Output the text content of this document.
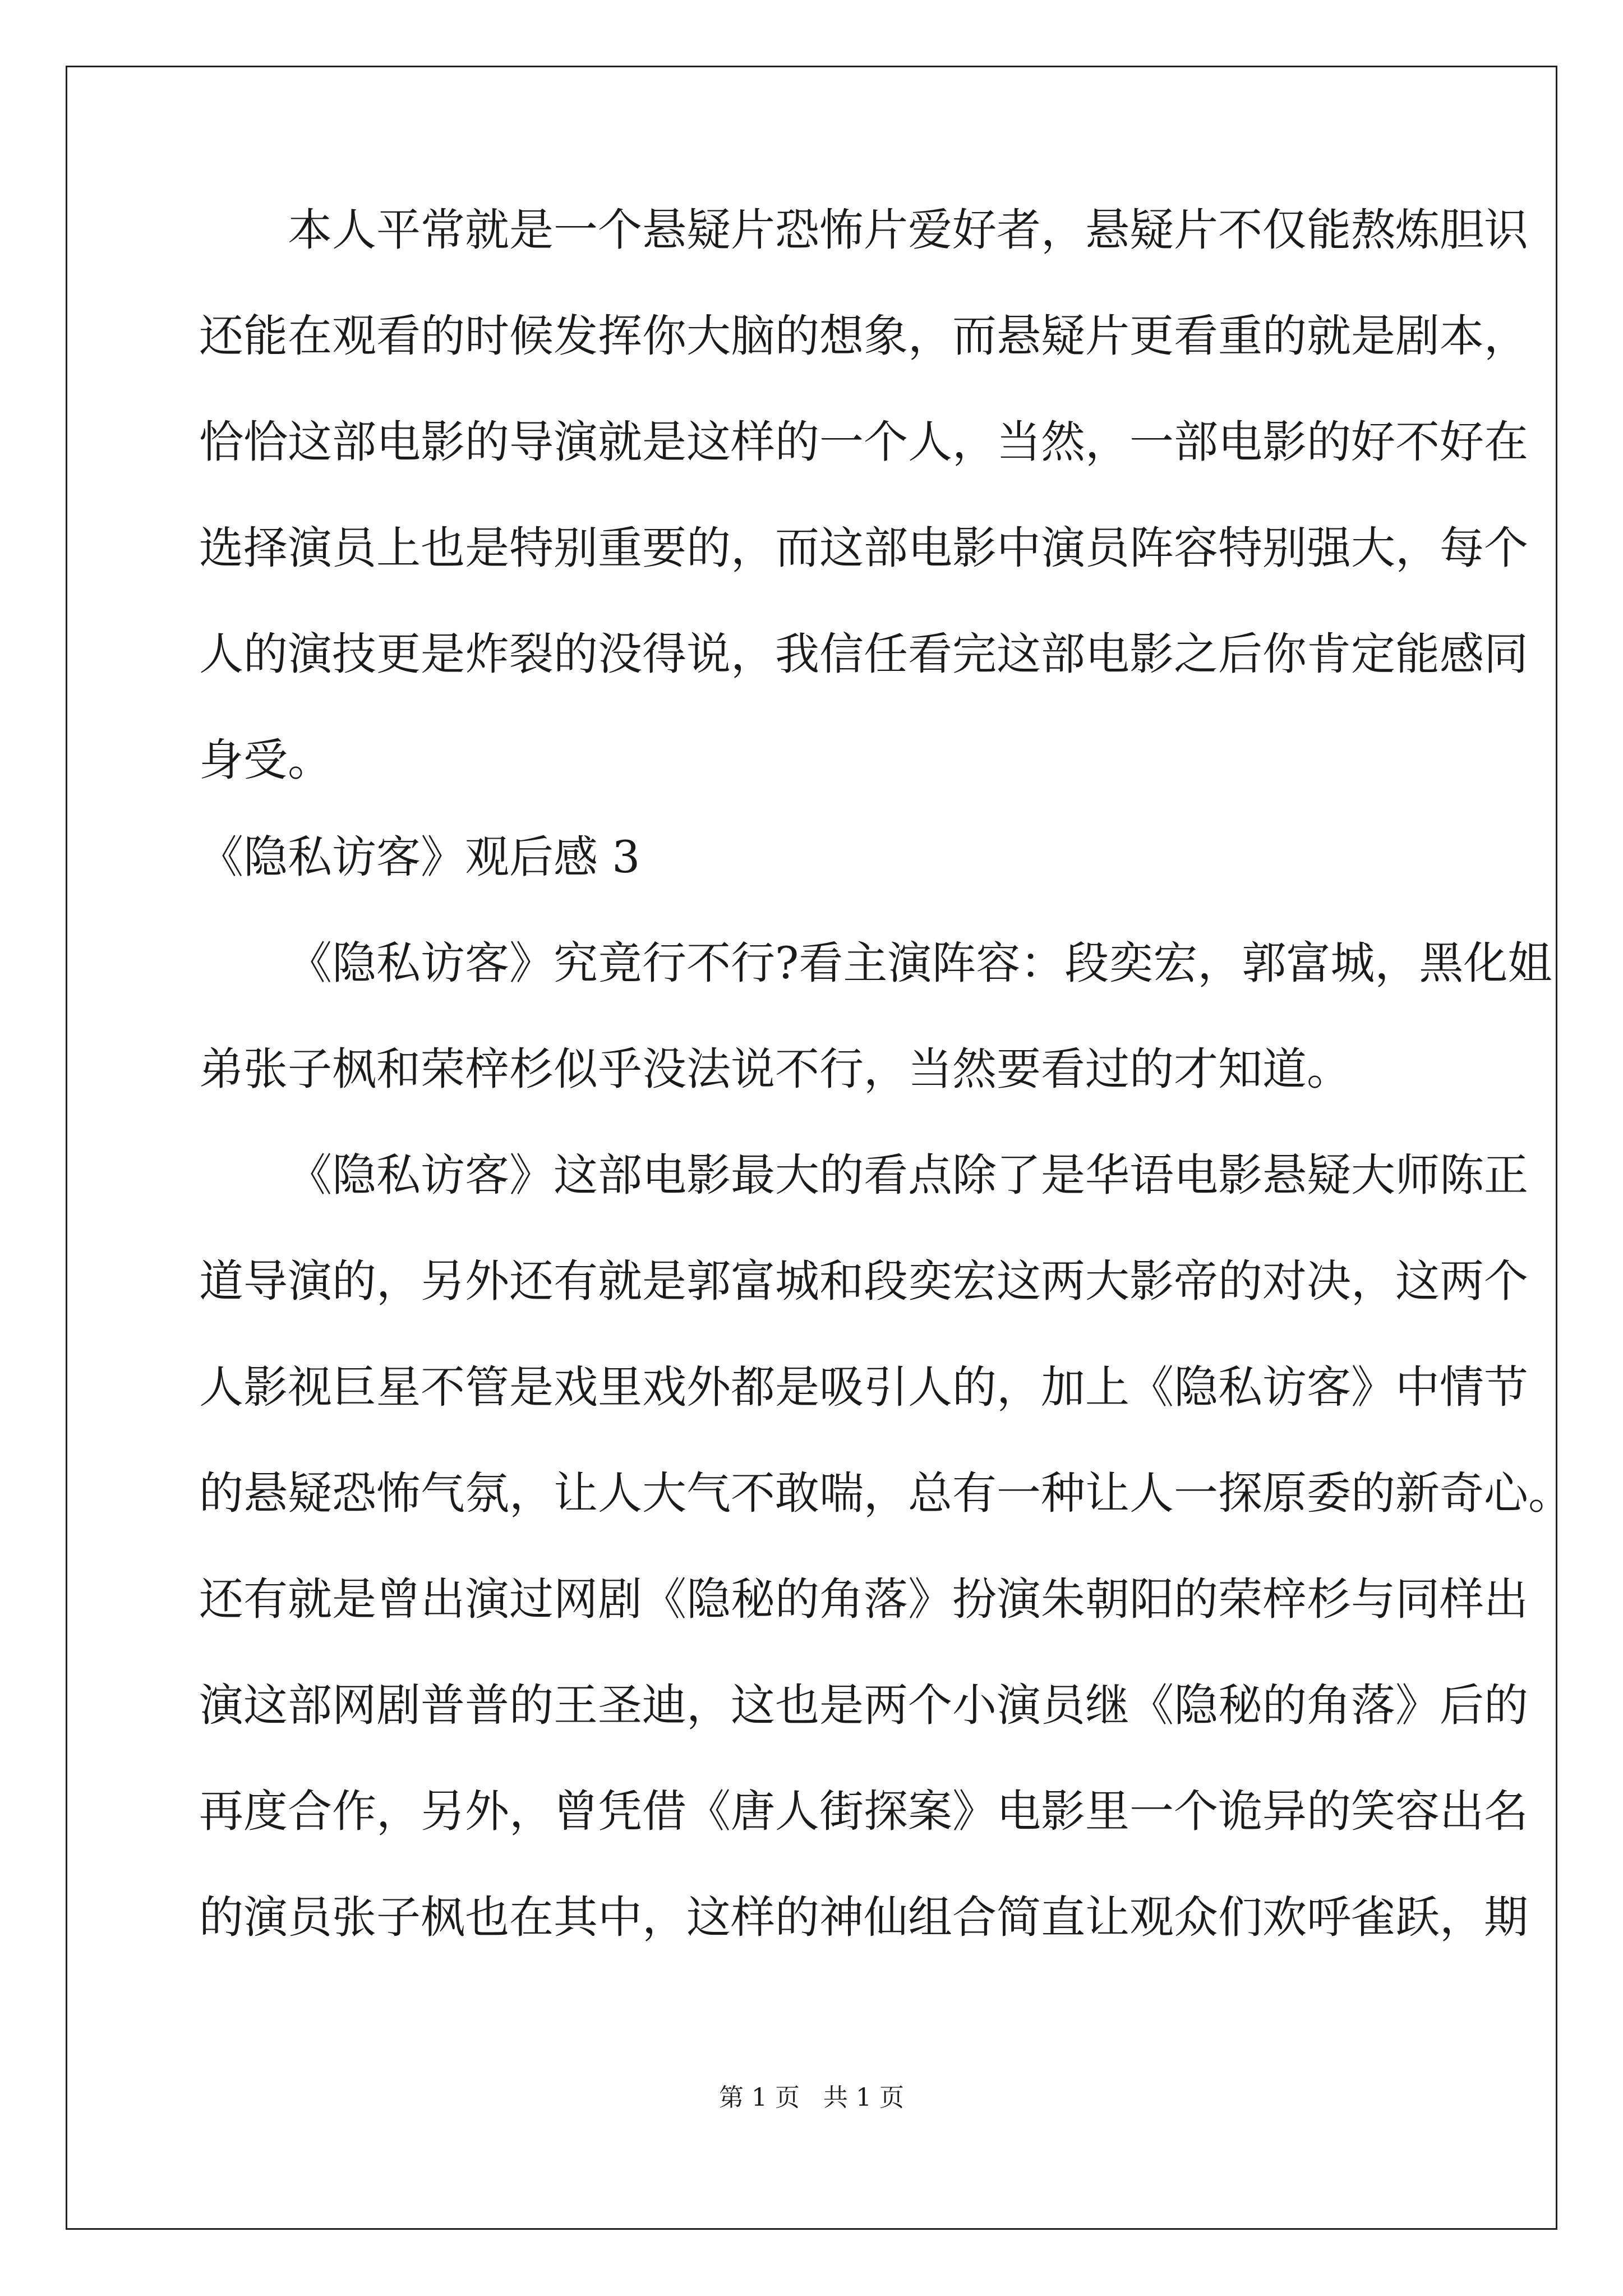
本人平常就是一个悬疑片恐怖片爱好者，悬疑片不仅能熬炼胆识
还能在观看的时候发挥你大脑的想象，而悬疑片更看重的就是剧本，
恰恰这部电影的导演就是这样的一个人，当然，一部电影的好不好在
选择演员上也是特别重要的，而这部电影中演员阵容特别强大，每个
人的演技更是炸裂的没得说，我信任看完这部电影之后你肯定能感同
身受。
《隐私访客》观后感 3
《隐私访客》究竟行不行?看主演阵容：段奕宏，郭富城，黑化姐
弟张子枫和荣梓杉似乎没法说不行，当然要看过的才知道。
《隐私访客》这部电影最大的看点除了是华语电影悬疑大师陈正
道导演的，另外还有就是郭富城和段奕宏这两大影帝的对决，这两个
人影视巨星不管是戏里戏外都是吸引人的，加上《隐私访客》中情节
的悬疑恐怖气氛，让人大气不敢喘，总有一种让人一探原委的新奇心。
还有就是曾出演过网剧《隐秘的角落》扮演朱朝阳的荣梓杉与同样出
演这部网剧普普的王圣迪，这也是两个小演员继《隐秘的角落》后的
再度合作，另外，曾凭借《唐人街探案》电影里一个诡异的笑容出名
的演员张子枫也在其中，这样的神仙组合简直让观众们欢呼雀跃，期
第 1 页   共 1 页
